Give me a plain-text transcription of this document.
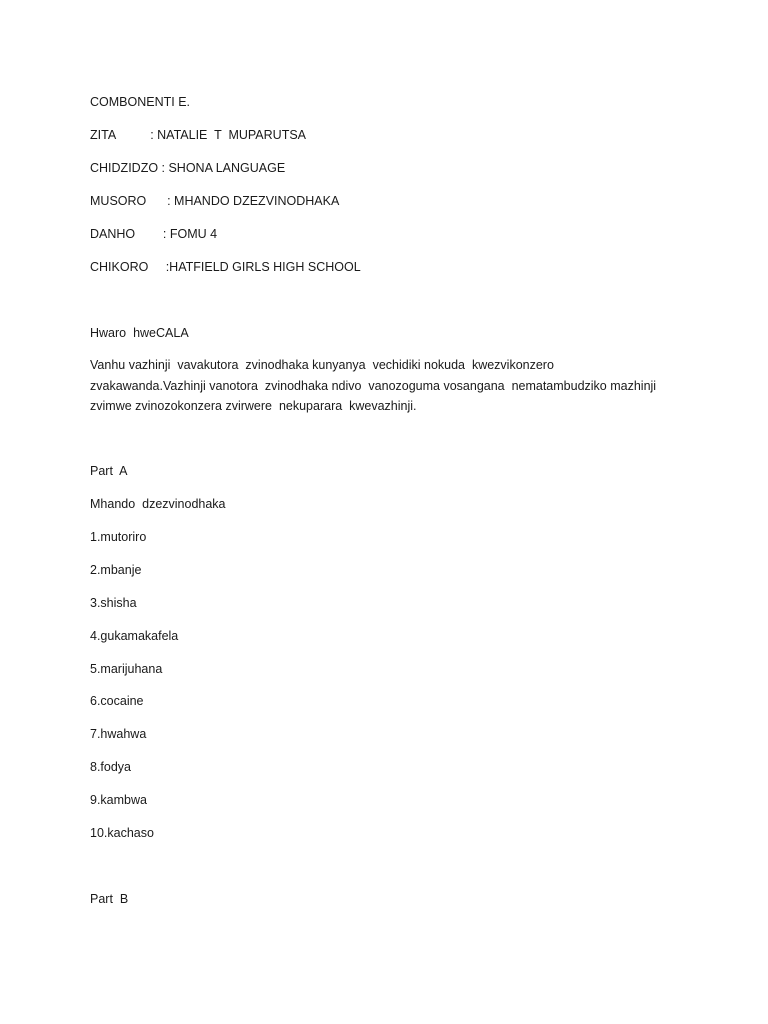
COMBONENTI E.
ZITA          : NATALIE  T  MUPARUTSA
CHIDZIDZO : SHONA LANGUAGE
MUSORO      : MHANDO DZEZVINODHAKA
DANHO        : FOMU 4
CHIKORO     :HATFIELD GIRLS HIGH SCHOOL
Hwaro  hweCALA
Vanhu vazhinji  vavakutora  zvinodhaka kunyanya  vechidiki nokuda  kwezvikonzero
zvakawanda.Vazhinji vanotora  zvinodhaka ndivo  vanozoguma vosangana  nematambudziko mazhinji
zvimwe zvinozokonzera zvirwere  nekuparara  kwevazhinji.
Part  A
Mhando  dzezvinodhaka
1.mutoriro
2.mbanje
3.shisha
4.gukamakafela
5.marijuhana
6.cocaine
7.hwahwa
8.fodya
9.kambwa
10.kachaso
Part  B
